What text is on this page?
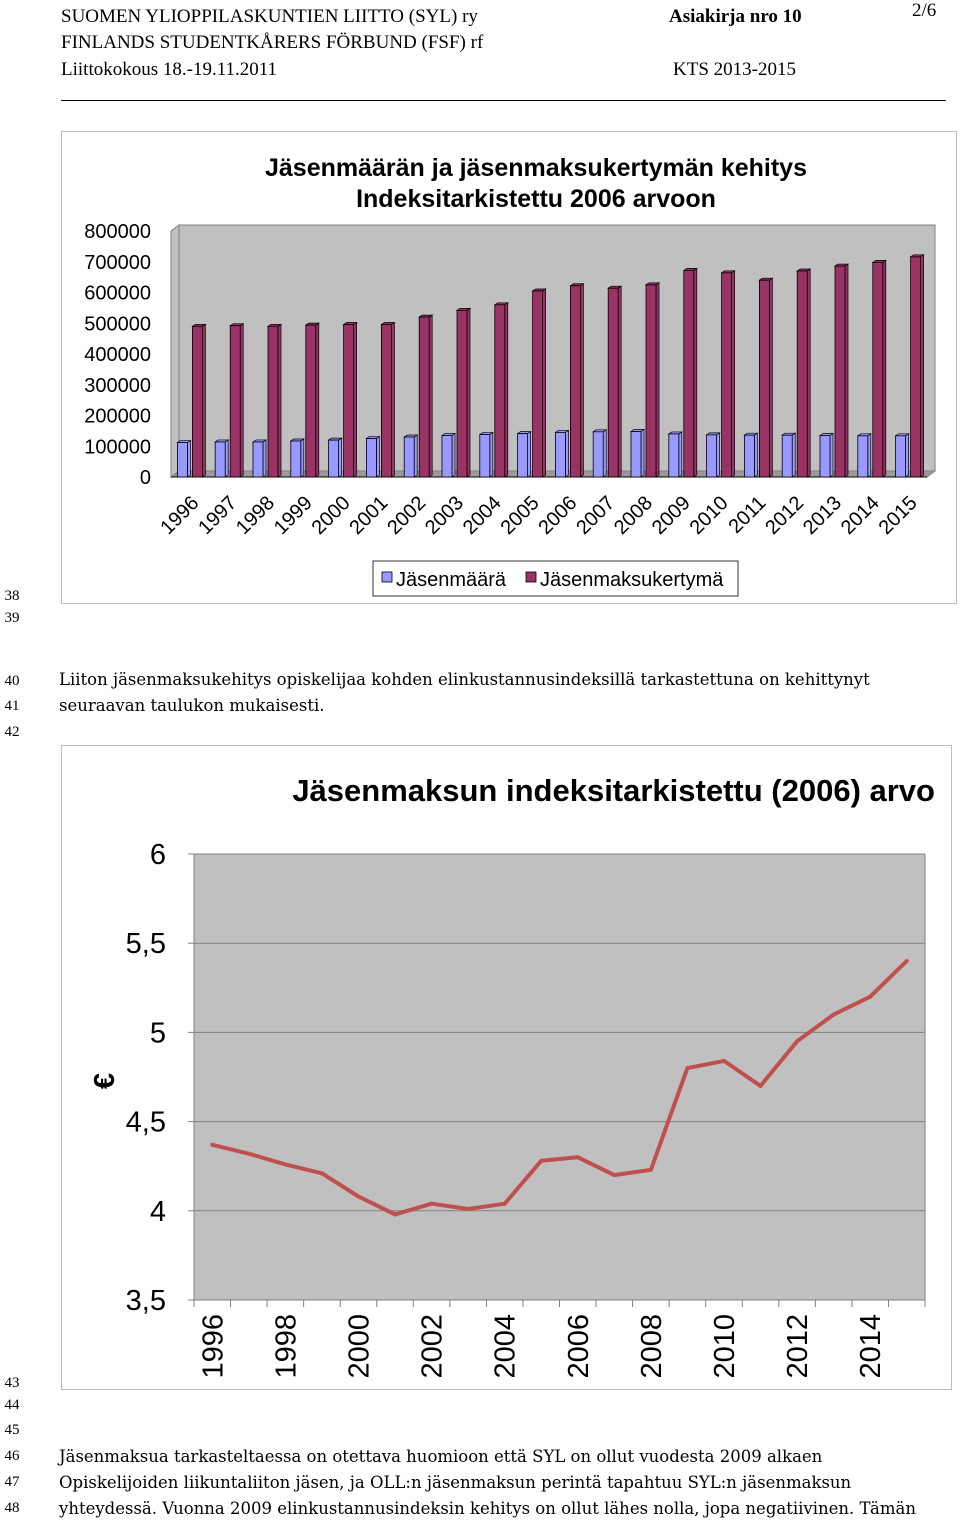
SUOMEN YLIOPPILASKUNTIEN LIITTO (SYL) ry
FINLANDS STUDENTKÅRERS FÖRBUND (FSF) rf
Liittokokous 18.-19.11.2011
Asiakirja nro 10
KTS 2013-2015
2/6
38
39
40
41
42
43
44
45
46
47
48
Jäsenmäärän ja jäsenmaksukertymän kehitys
Indeksitarkistettu 2006 arvoon
800000
700000
600000
500000
400000
300000
200000
100000
0
1996
1997
1998
1999
2000
2001
2002
2003
2004
2005
2006
2007
2008
2009
2010
2011
2012
2013
2014
2015
Jäsenmäärä Jäsenmaksukertymä
Liiton jäsenmaksukehitys opiskelijaa kohden elinkustannusindeksillä tarkastettuna on kehittynyt
seuraavan taulukon mukaisesti.
Jäsenmaksun indeksitarkistettu (2006) arvo
6
5,5
5
4,5
4
3,5
1996 1998 2000 2002 2004 2006 2008 2010 2012 2014
€
Jäsenmaksua tarkasteltaessa on otettava huomioon että SYL on ollut vuodesta 2009 alkaen
Opiskelijoiden liikuntaliiton jäsen, ja OLL:n jäsenmaksun perintä tapahtuu SYL:n jäsenmaksun
yhteydessä. Vuonna 2009 elinkustannusindeksin kehitys on ollut lähes nolla, jopa negatiivinen. Tämän
